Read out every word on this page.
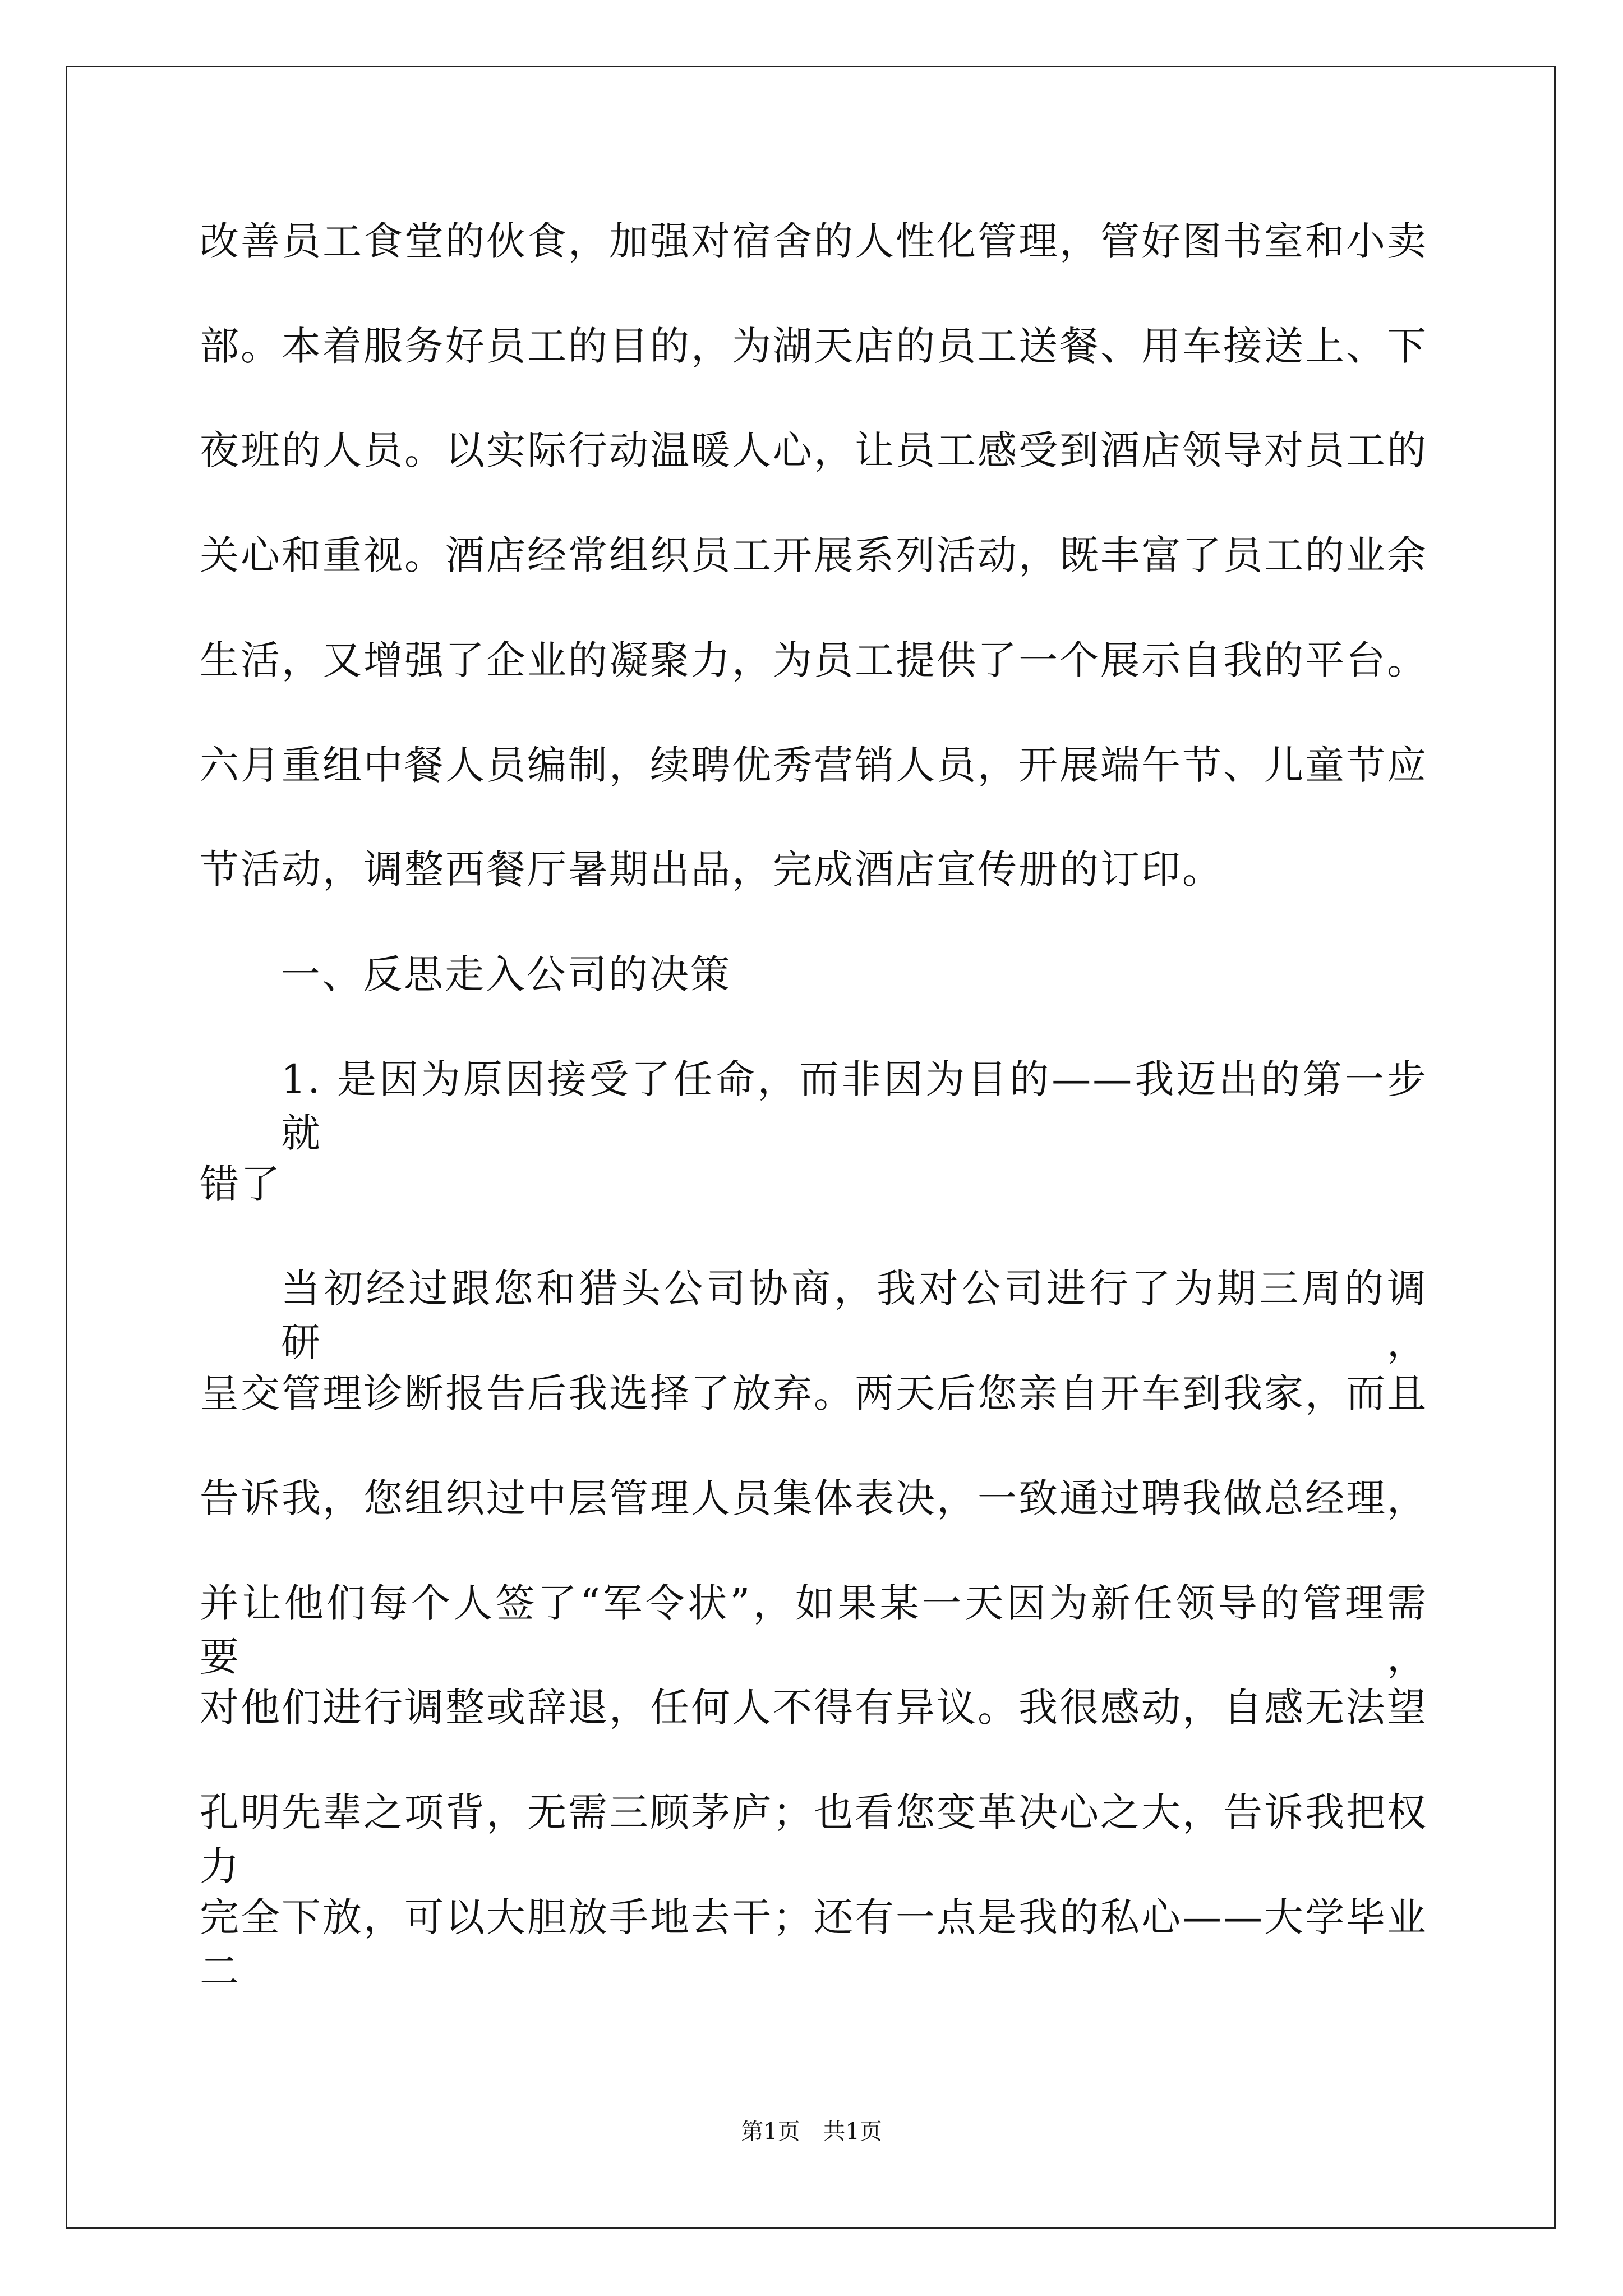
改善员工食堂的伙食，加强对宿舍的人性化管理，管好图书室和小卖
部。本着服务好员工的目的，为湖天店的员工送餐、用车接送上、下
夜班的人员。以实际行动温暖人心，让员工感受到酒店领导对员工的
关心和重视。酒店经常组织员工开展系列活动，既丰富了员工的业余
生活，又增强了企业的凝聚力，为员工提供了一个展示自我的平台。
六月重组中餐人员编制，续聘优秀营销人员，开展端午节、儿童节应
节活动，调整西餐厅暑期出品，完成酒店宣传册的订印。
一、反思走入公司的决策
1. 是因为原因接受了任命，而非因为目的——我迈出的第一步就
错了
当初经过跟您和猎头公司协商，我对公司进行了为期三周的调研，
呈交管理诊断报告后我选择了放弃。两天后您亲自开车到我家，而且
告诉我，您组织过中层管理人员集体表决，一致通过聘我做总经理，
并让他们每个人签了“军令状”，如果某一天因为新任领导的管理需要，
对他们进行调整或辞退，任何人不得有异议。我很感动，自感无法望
孔明先辈之项背，无需三顾茅庐；也看您变革决心之大，告诉我把权力
完全下放，可以大胆放手地去干；还有一点是我的私心——大学毕业二
第1页 共1页
